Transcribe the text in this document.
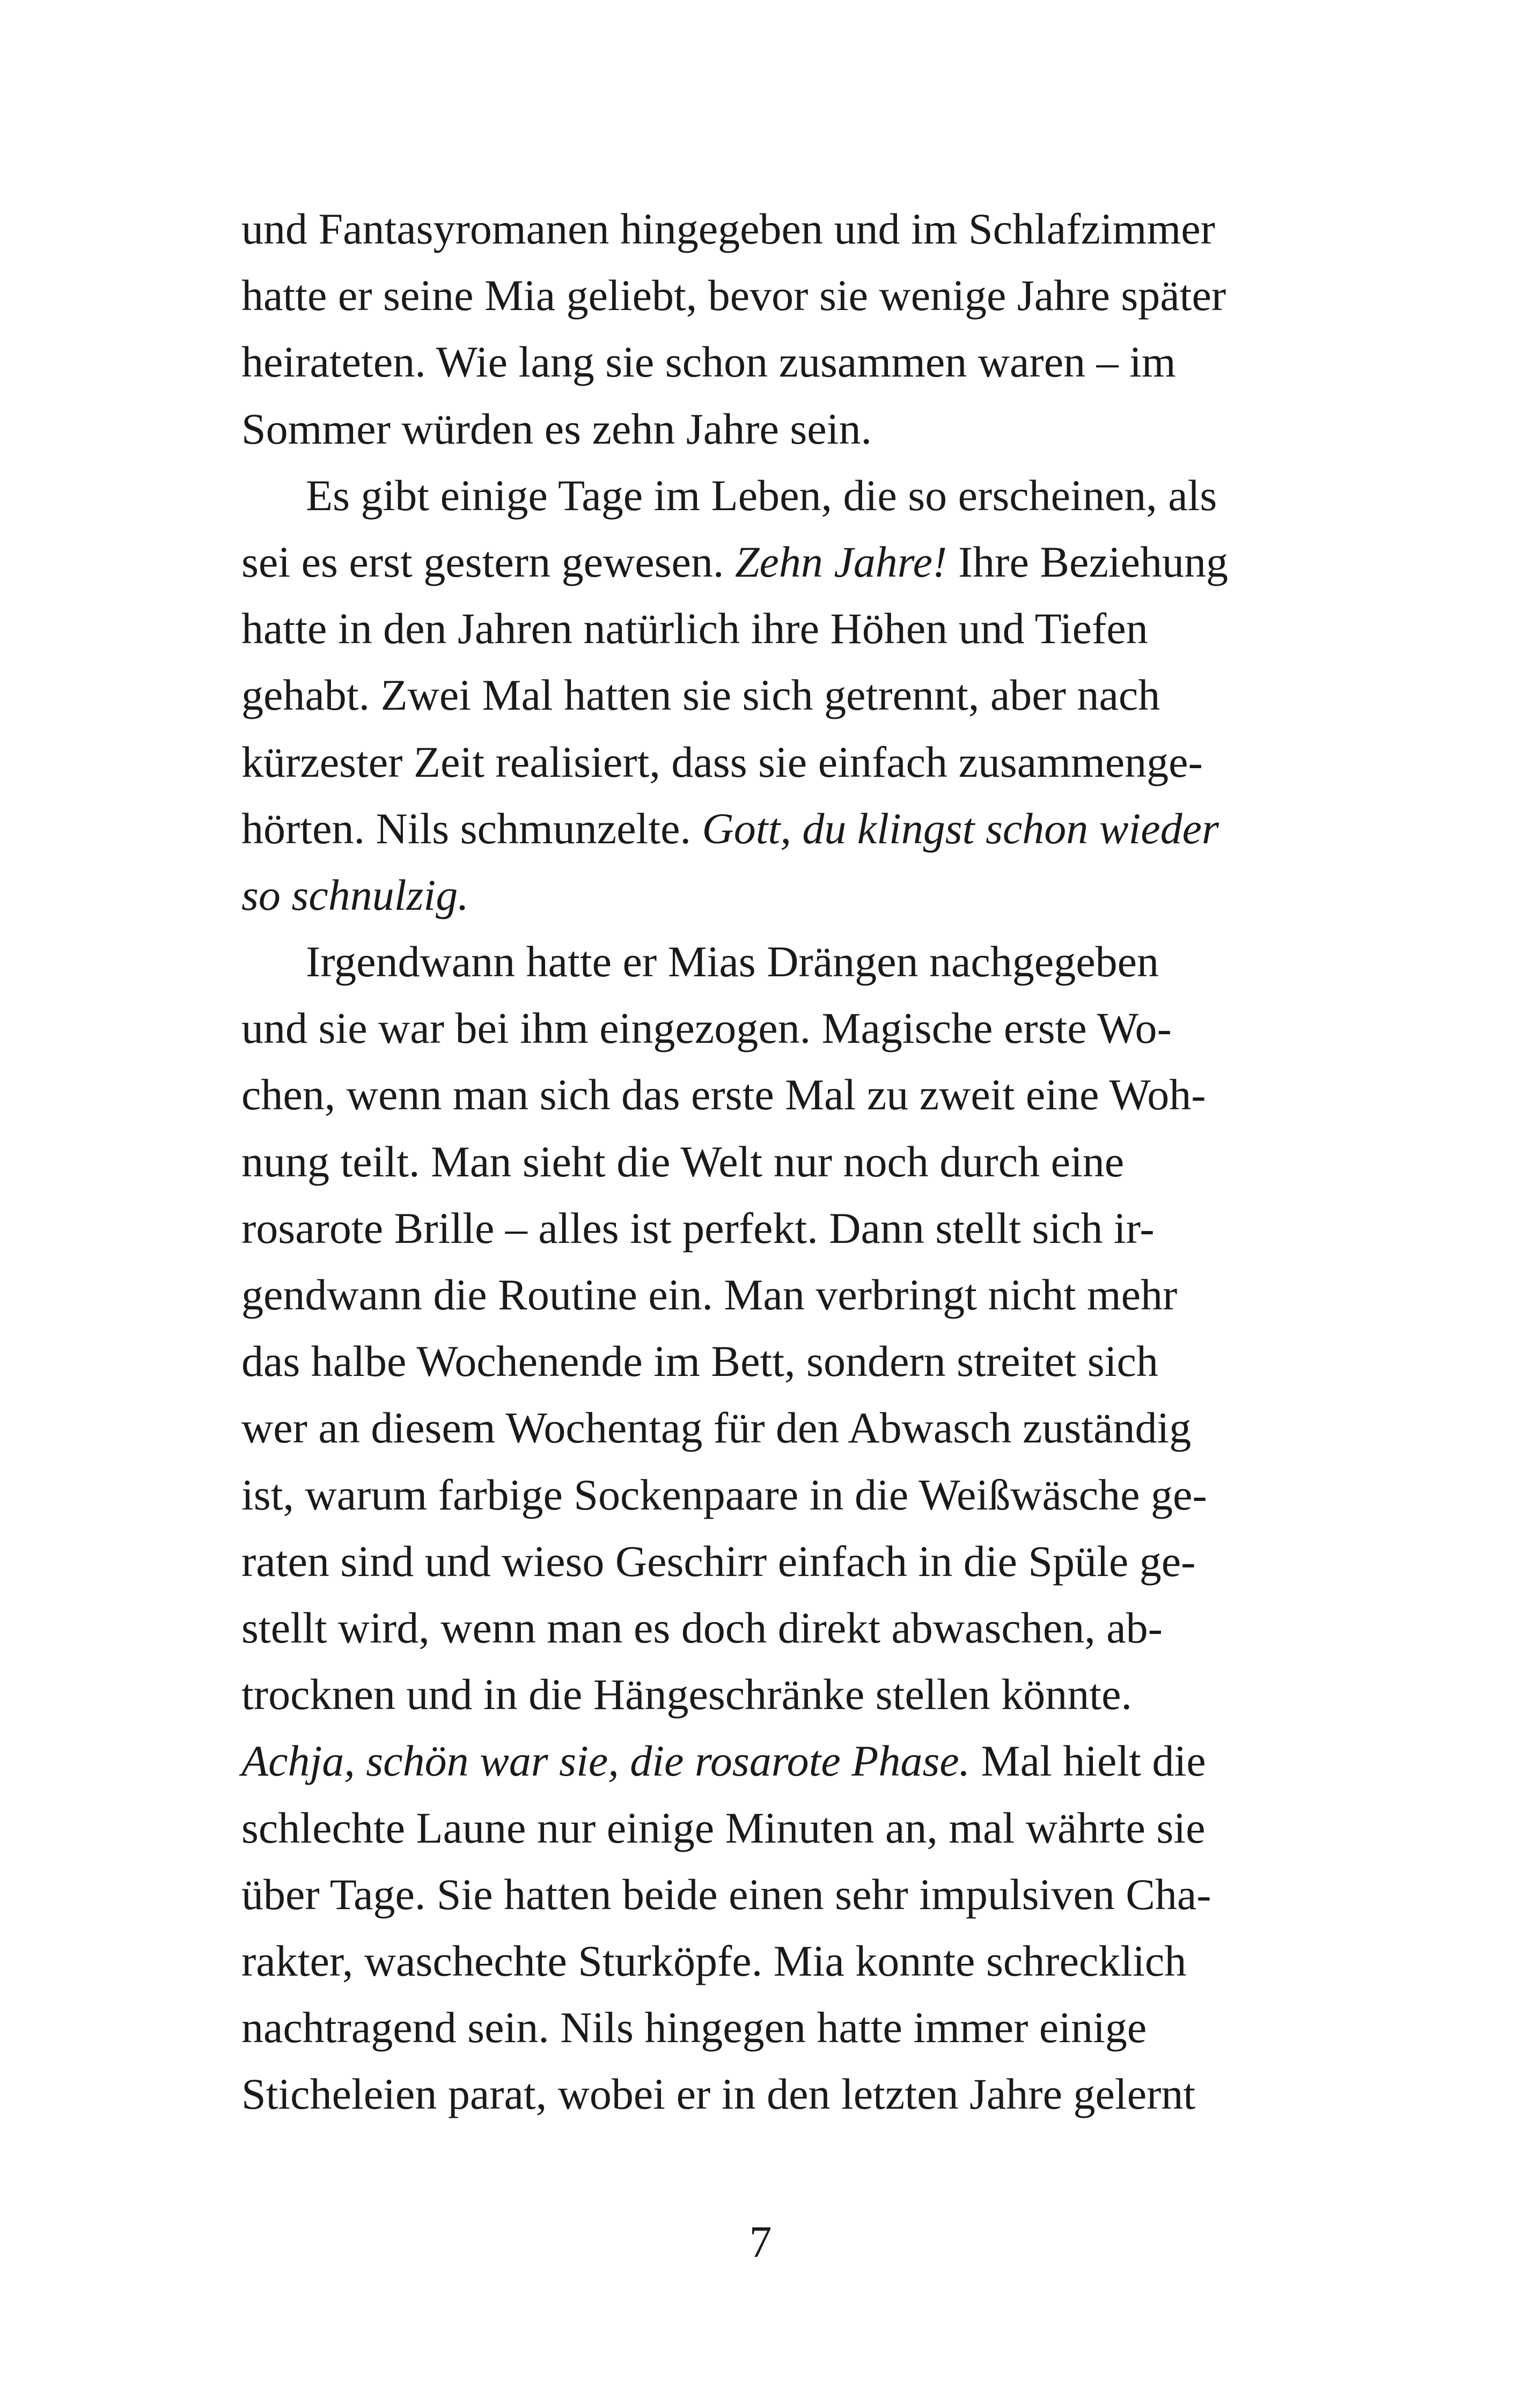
und Fantasyromanen hingegeben und im Schlafzimmer
hatte er seine Mia geliebt, bevor sie wenige Jahre später
heirateten. Wie lang sie schon zusammen waren – im
Sommer würden es zehn Jahre sein.
Es gibt einige Tage im Leben, die so erscheinen, als
sei es erst gestern gewesen. Zehn Jahre! Ihre Beziehung
hatte in den Jahren natürlich ihre Höhen und Tiefen
gehabt. Zwei Mal hatten sie sich getrennt, aber nach
kürzester Zeit realisiert, dass sie einfach zusammenge-
hörten. Nils schmunzelte. Gott, du klingst schon wieder
so schnulzig.
Irgendwann hatte er Mias Drängen nachgegeben
und sie war bei ihm eingezogen. Magische erste Wo-
chen, wenn man sich das erste Mal zu zweit eine Woh-
nung teilt. Man sieht die Welt nur noch durch eine
rosarote Brille – alles ist perfekt. Dann stellt sich ir-
gendwann die Routine ein. Man verbringt nicht mehr
das halbe Wochenende im Bett, sondern streitet sich
wer an diesem Wochentag für den Abwasch zuständig
ist, warum farbige Sockenpaare in die Weißwäsche ge-
raten sind und wieso Geschirr einfach in die Spüle ge-
stellt wird, wenn man es doch direkt abwaschen, ab-
trocknen und in die Hängeschränke stellen könnte.
Achja, schön war sie, die rosarote Phase. Mal hielt die
schlechte Laune nur einige Minuten an, mal währte sie
über Tage. Sie hatten beide einen sehr impulsiven Cha-
rakter, waschechte Sturköpfe. Mia konnte schrecklich
nachtragend sein. Nils hingegen hatte immer einige
Sticheleien parat, wobei er in den letzten Jahre gelernt
7
